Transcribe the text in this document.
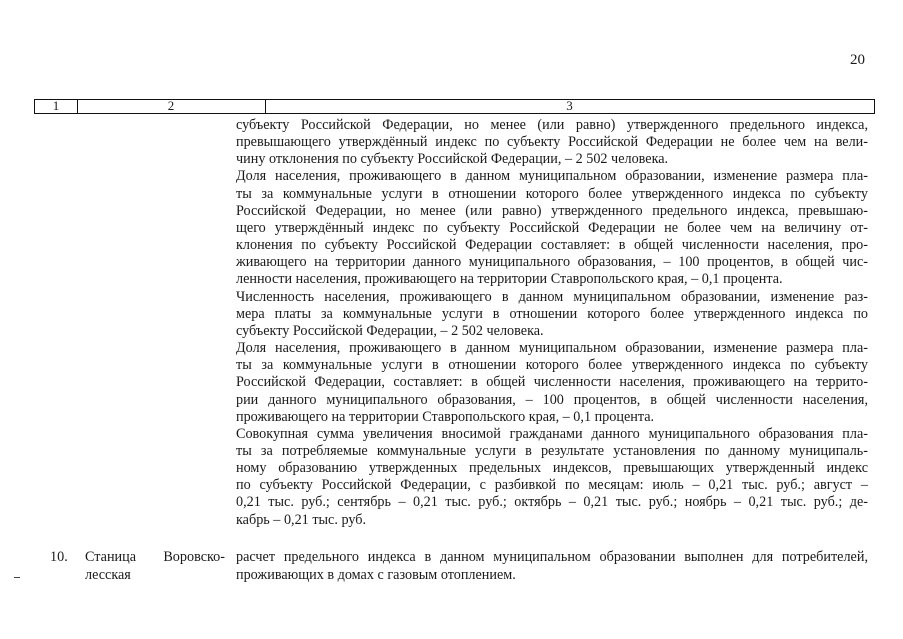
20
1	2	3
субъекту Российской Федерации, но менее (или равно) утвержденного предельного индекса,
превышающего утверждённый индекс по субъекту Российской Федерации не более чем на вели-
чину отклонения по субъекту Российской Федерации, – 2 502 человека.
Доля населения, проживающего в данном муниципальном образовании, изменение размера пла-
ты за коммунальные услуги в отношении которого более утвержденного индекса по субъекту
Российской Федерации, но менее (или равно) утвержденного предельного индекса, превышаю-
щего утверждённый индекс по субъекту Российской Федерации не более чем на величину от-
клонения по субъекту Российской Федерации составляет: в общей численности населения, про-
живающего на территории данного муниципального образования, – 100 процентов, в общей чис-
ленности населения, проживающего на территории Ставропольского края, – 0,1 процента.
Численность населения, проживающего в данном муниципальном образовании, изменение раз-
мера платы за коммунальные услуги в отношении которого более утвержденного индекса по
субъекту Российской Федерации, – 2 502 человека.
Доля населения, проживающего в данном муниципальном образовании, изменение размера пла-
ты за коммунальные услуги в отношении которого более утвержденного индекса по субъекту
Российской Федерации, составляет: в общей численности населения, проживающего на террито-
рии данного муниципального образования, – 100 процентов, в общей численности населения,
проживающего на территории Ставропольского края, – 0,1 процента.
Совокупная сумма увеличения вносимой гражданами данного муниципального образования пла-
ты за потребляемые коммунальные услуги в результате установления по данному муниципаль-
ному образованию утвержденных предельных индексов, превышающих утвержденный индекс
по субъекту Российской Федерации, с разбивкой по месяцам: июль – 0,21 тыс. руб.; август –
0,21 тыс. руб.; сентябрь – 0,21 тыс. руб.; октябрь – 0,21 тыс. руб.; ноябрь – 0,21 тыс. руб.; де-
кабрь – 0,21 тыс. руб.
10. Станица Воровско-
лесская
расчет предельного индекса в данном муниципальном образовании выполнен для потребителей,
проживающих в домах с газовым отоплением.
